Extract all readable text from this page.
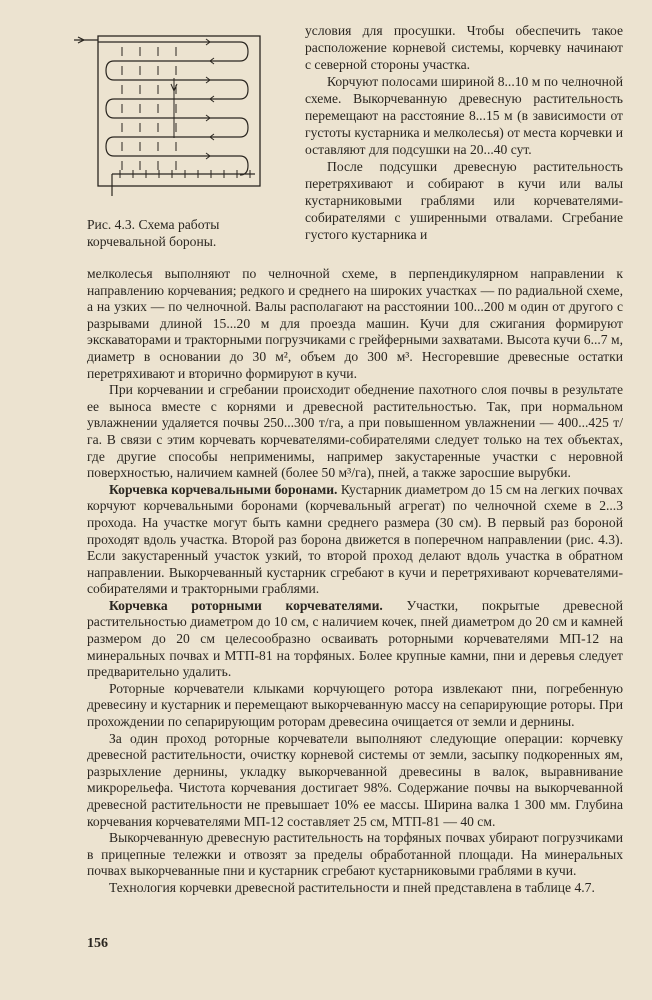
Рис. 4.3. Схема работы корчевальной бороны.

условия для просушки. Чтобы обеспечить такое расположение корневой системы, корчевку начинают с северной стороны участка.

Корчуют полосами шириной 8...10 м по челночной схеме. Выкорчеванную древесную растительность перемещают на расстояние 8...15 м (в зависимости от густоты кустарника и мелколесья) от места корчевки и оставляют для подсушки на 20...40 сут.

После подсушки древесную растительность перетряхивают и собирают в кучи или валы кустарниковыми граблями или корчевателями-собирателями с уширенными отвалами. Сгребание густого кустарника и

мелколесья выполняют по челночной схеме, в перпендикулярном направлении к направлению корчевания; редкого и среднего на широких участках — по радиальной схеме, а на узких — по челночной. Валы располагают на расстоянии 100...200 м один от другого с разрывами длиной 15...20 м для проезда машин. Кучи для сжигания формируют экскаваторами и тракторными погрузчиками с грейферными захватами. Высота кучи 6...7 м, диаметр в основании до 30 м², объем до 300 м³. Несгоревшие древесные остатки перетряхивают и вторично формируют в кучи.

При корчевании и сгребании происходит обеднение пахотного слоя почвы в результате ее выноса вместе с корнями и древесной растительностью. Так, при нормальном увлажнении удаляется почвы 250...300 т/га, а при повышенном увлажнении — 400...425 т/га. В связи с этим корчевать корчевателями-собирателями следует только на тех объектах, где другие способы неприменимы, например закустаренные участки с неровной поверхностью, наличием камней (более 50 м³/га), пней, а также заросшие вырубки.

Корчевка корчевальными боронами. Кустарник диаметром до 15 см на легких почвах корчуют корчевальными боронами (корчевальный агрегат) по челночной схеме в 2...3 прохода. На участке могут быть камни среднего размера (30 см). В первый раз бороной проходят вдоль участка. Второй раз борона движется в поперечном направлении (рис. 4.3). Если закустаренный участок узкий, то второй проход делают вдоль участка в обратном направлении. Выкорчеванный кустарник сгребают в кучи и перетряхивают корчевателями-собирателями и тракторными граблями.

Корчевка роторными корчевателями. Участки, покрытые древесной растительностью диаметром до 10 см, с наличием кочек, пней диаметром до 20 см и камней размером до 20 см целесообразно осваивать роторными корчевателями МП-12 на минеральных почвах и МТП-81 на торфяных. Более крупные камни, пни и деревья следует предварительно удалить.

Роторные корчеватели клыками корчующего ротора извлекают пни, погребенную древесину и кустарник и перемещают выкорчеванную массу на сепарирующие роторы. При прохождении по сепарирующим роторам древесина очищается от земли и дернины.

За один проход роторные корчеватели выполняют следующие операции: корчевку древесной растительности, очистку корневой системы от земли, засыпку подкоренных ям, разрыхление дернины, укладку выкорчеванной древесины в валок, выравнивание микрорельефа. Чистота корчевания достигает 98%. Содержание почвы на выкорчеванной древесной растительности не превышает 10% ее массы. Ширина валка 1 300 мм. Глубина корчевания корчевателями МП-12 составляет 25 см, МТП-81 — 40 см.

Выкорчеванную древесную растительность на торфяных почвах убирают погрузчиками в прицепные тележки и отвозят за пределы обработанной площади. На минеральных почвах выкорчеванные пни и кустарник сгребают кустарниковыми граблями в кучи.

Технология корчевки древесной растительности и пней представлена в таблице 4.7.

156
